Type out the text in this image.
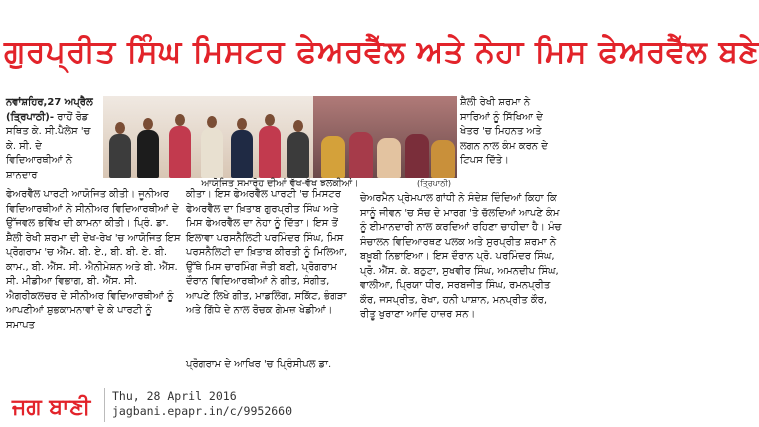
ਗੁਰਪ੍ਰੀਤ ਸਿੰਘ ਮਿਸਟਰ ਫੇਅਰਵੈੱਲ ਅਤੇ ਨੇਹਾ ਮਿਸ ਫੇਅਰਵੈੱਲ ਬਣੇ

ਨਵਾਂਸ਼ਹਿਰ,27 ਅਪ੍ਰੈਲ (ਤ੍ਰਿਪਾਠੀ)- ਰਾਹੋਂ ਰੋਡ ਸਥਿਤ ਕੇ. ਸੀ.ਪੈਲੇਸ 'ਚ ਕੇ. ਸੀ. ਦੇ ਵਿਦਿਆਰਥੀਆਂ ਨੇ ਸ਼ਾਨਦਾਰ

ਆਯੋਜਿਤ ਸਮਾਰੋਹ ਦੀਆਂ ਵੱਖ-ਵੱਖ ਝਲਕੀਆਂ।	(ਤ੍ਰਿਪਾਠੀ)
ਸ਼ੈਲੀ ਰੇਖੀ ਸ਼ਰਮਾ ਨੇ ਸਾਰਿਆਂ ਨੂੰ ਸਿੱਖਿਆ ਦੇ ਖੇਤਰ 'ਚ ਮਿਹਨਤ ਅਤੇ ਲਗਨ ਨਾਲ ਕੰਮ ਕਰਨ ਦੇ ਟਿਪਸ ਦਿੱਤੇ।
ਫੇਅਰਵੈੱਲ ਪਾਰਟੀ ਆਯੋਜਿਤ ਕੀਤੀ। ਜੂਨੀਅਰ ਵਿਦਿਆਰਥੀਆਂ ਨੇ ਸੀਨੀਅਰ ਵਿਦਿਆਰਥੀਆਂ ਦੇ ਉੱਜਵਲ ਭਵਿੱਖ ਦੀ ਕਾਮਨਾ ਕੀਤੀ। ਪ੍ਰਿੰ. ਡਾ. ਸ਼ੈਲੀ ਰੇਖੀ ਸ਼ਰਮਾ ਦੀ ਦੇਖ-ਰੇਖ 'ਚ ਆਯੋਜਿਤ ਇਸ ਪ੍ਰੋਗਰਾਮ 'ਚ ਐੱਮ. ਬੀ. ਏ., ਬੀ. ਬੀ. ਏ. ਬੀ. ਕਾਮ., ਬੀ. ਐੱਸ. ਸੀ. ਐਨੀਮੇਸ਼ਨ ਅਤੇ ਬੀ. ਐੱਸ. ਸੀ. ਮੀਡੀਆ ਵਿਭਾਗ, ਬੀ. ਐੱਸ. ਸੀ. ਐਗਰੀਕਲਚਰ ਦੇ ਸੀਨੀਅਰ ਵਿਦਿਆਰਥੀਆਂ ਨੂੰ ਆਪਣੀਆਂ ਸ਼ੁਭਕਾਮਨਾਵਾਂ ਦੇ ਕੇ ਪਾਰਟੀ ਨੂੰ ਸਮਾਪਤ
ਕੀਤਾ। ਇਸ ਫੇਅਰਵੈੱਲ ਪਾਰਟੀ 'ਚ ਮਿਸਟਰ ਫੇਅਰਵੈੱਲ ਦਾ ਖ਼ਿਤਾਬ ਗੁਰਪ੍ਰੀਤ ਸਿੰਘ ਅਤੇ ਮਿਸ ਫੇਅਰਵੈੱਲ ਦਾ ਨੇਹਾ ਨੂੰ ਦਿੱਤਾ। ਇਸ ਤੋਂ ਇਲਾਵਾ ਪਰਸਨੈਲਿਟੀ ਪਰਮਿੰਦਰ ਸਿੰਘ, ਮਿਸ ਪਰਸਨੈਲਿਟੀ ਦਾ ਖ਼ਿਤਾਬ ਕੀਰਤੀ ਨੂੰ ਮਿਲਿਆ, ਉੱਥੇ ਮਿਸ ਚਾਰਮਿੰਗ ਜੋਤੀ ਬਣੀ, ਪ੍ਰੋਗਰਾਮ ਦੌਰਾਨ ਵਿਦਿਆਰਥੀਆਂ ਨੇ ਗੀਤ, ਸੰਗੀਤ, ਆਪਣੇ ਲਿਖੇ ਗੀਤ, ਮਾਡਲਿੰਗ, ਸਕਿੱਟ, ਭੰਗੜਾ ਅਤੇ ਗਿੱਧੇ ਦੇ ਨਾਲ ਰੋਚਕ ਗੇਮਜ਼ ਖੇਡੀਆਂ।
ਪ੍ਰੋਗਰਾਮ ਦੇ ਆਖਿਰ 'ਚ ਪ੍ਰਿੰਸੀਪਲ ਡਾ.
ਚੇਅਰਮੈਨ ਪ੍ਰੇਮਪਾਲ ਗਾਂਧੀ ਨੇ ਸੰਦੇਸ਼ ਦਿੰਦਿਆਂ ਕਿਹਾ ਕਿ ਸਾਨੂੰ ਜੀਵਨ 'ਚ ਸੱਚ ਦੇ ਮਾਰਗ 'ਤੇ ਚੱਲਦਿਆਂ ਆਪਣੇ ਕੰਮ ਨੂੰ ਈਮਾਨਦਾਰੀ ਨਾਲ ਕਰਦਿਆਂ ਰਹਿਣਾ ਚਾਹੀਦਾ ਹੈ। ਮੰਚ ਸੰਚਾਲਨ ਵਿਦਿਆਰਥਣ ਪਲਕ ਅਤੇ ਸੁਰਪ੍ਰੀਤ ਸ਼ਰਮਾ ਨੇ ਬਖ਼ੂਬੀ ਨਿਭਾਇਆ। ਇਸ ਦੌਰਾਨ ਪ੍ਰੋ. ਪਰਮਿੰਦਰ ਸਿੰਘ, ਪ੍ਰੋ. ਐੱਸ. ਕੇ. ਬਠੁਟਾ, ਸੁਖਵੀਰ ਸਿੰਘ, ਅਮਨਦੀਪ ਸਿੰਘ, ਵਾਲੀਆ, ਪ੍ਰਿਯਾ ਧੀਰ, ਸਰਬਜੀਤ ਸਿੰਘ, ਰਮਨਪ੍ਰੀਤ ਕੌਰ, ਜਸਪ੍ਰੀਤ, ਰੇਖਾ, ਹਨੀ ਪਾਸ਼ਾਨ, ਮਨਪ੍ਰੀਤ ਕੌਰ, ਰੀਤੂ ਖੁਰਾਣਾ ਆਦਿ ਹਾਜ਼ਰ ਸਨ।
ਜਗ ਬਾਣੀ	Thu, 28 April 2016
jagbani.epapr.in/c/9952660
